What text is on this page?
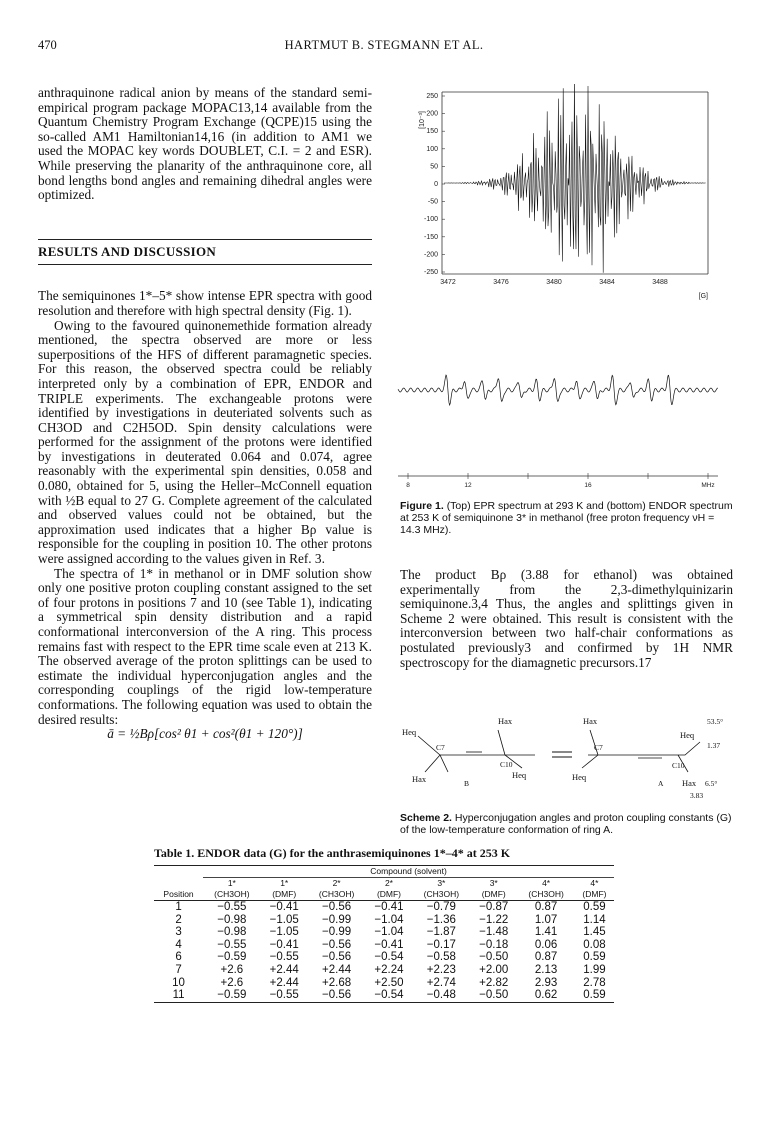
470	HARTMUT B. STEGMANN ET AL.

anthraquinone radical anion by means of the standard semi-empirical program package MOPAC13,14 available from the Quantum Chemistry Program Exchange (QCPE)15 using the so-called AM1 Hamiltonian14,16 (in addition to AM1 we used the MOPAC key words DOUBLET, C.I. = 2 and ESR). While preserving the planarity of the anthraquinone core, all bond lengths bond angles and remaining dihedral angles were optimized.

RESULTS AND DISCUSSION

The semiquinones 1*–5* show intense EPR spectra with good resolution and therefore with high spectral density (Fig. 1).

Owing to the favoured quinonemethide formation already mentioned, the spectra observed are more or less superpositions of the HFS of different paramagnetic species. For this reason, the observed spectra could be reliably interpreted only by a combination of EPR, ENDOR and TRIPLE experiments. The exchangeable protons were identified by investigations in deuteriated solvents such as CH3OD and C2H5OD. Spin density calculations were performed for the assignment of the protons were identified by investigations in deuterated 0.064 and 0.074, agree reasonably with the experimental spin densities, 0.058 and 0.080, obtained for 5, using the Heller–McConnell equation with ½B equal to 27 G. Complete agreement of the calculated and observed values could not be obtained, but the approximation used indicates that a higher Bρ value is responsible for the coupling in position 10. The other protons were assigned according to the values given in Ref. 3.

The spectra of 1* in methanol or in DMF solution show only one positive proton coupling constant assigned to the set of four protons in positions 7 and 10 (see Table 1), indicating a symmetrical spin density distribution and a rapid conformational interconversion of the A ring. This process remains fast with respect to the EPR time scale even at 213 K. The observed average of the proton splittings can be used to estimate the individual hyperconjugation angles and the corresponding couplings of the rigid low-temperature conformations. The following equation was used to obtain the desired results:

ā = ½Bρ[cos² θ1 + cos²(θ1 + 120°)]

[10⁻³]
250
200
150
100
50
0
-50
-100
-150
-200
-250
3472	3476	3480	3484	3488
[G]
8	12	16	MHz
Figure 1. (Top) EPR spectrum at 293 K and (bottom) ENDOR spectrum at 253 K of semiquinone 3* in methanol (free proton frequency νH = 14.3 MHz).

The product Bρ (3.88 for ethanol) was obtained experimentally from the 2,3-dimethylquinizarin semiquinone.3,4 Thus, the angles and splittings given in Scheme 2 were obtained. This result is consistent with the interconversion between two half-chair conformations as postulated previously3 and confirmed by 1H NMR spectroscopy for the diamagnetic precursors.17

Heq
Hax
C7
C10
Hax	B
Heq
Hax
Heq
C7
C10
Heq
A Hax
53.5°
1.37
6.5°
3.83
Scheme 2. Hyperconjugation angles and proton coupling constants (G) of the low-temperature conformation of ring A.
Table 1. ENDOR data (G) for the anthrasemiquinones 1*–4* at 253 K
	Compound (solvent)							
	1*	1*	2*	2*	3*	3*	4*	4*
Position	(CH3OH)	(DMF)	(CH3OH)	(DMF)	(CH3OH)	(DMF)	(CH3OH)	(DMF)
1	−0.55	−0.41	−0.56	−0.41	−0.79	−0.87	0.87	0.59
2	−0.98	−1.05	−0.99	−1.04	−1.36	−1.22	1.07	1.14
3	−0.98	−1.05	−0.99	−1.04	−1.87	−1.48	1.41	1.45
4	−0.55	−0.41	−0.56	−0.41	−0.17	−0.18	0.06	0.08
6	−0.59	−0.55	−0.56	−0.54	−0.58	−0.50	0.87	0.59
7	+2.6	+2.44	+2.44	+2.24	+2.23	+2.00	2.13	1.99
10	+2.6	+2.44	+2.68	+2.50	+2.74	+2.82	2.93	2.78
11	−0.59	−0.55	−0.56	−0.54	−0.48	−0.50	0.62	0.59
